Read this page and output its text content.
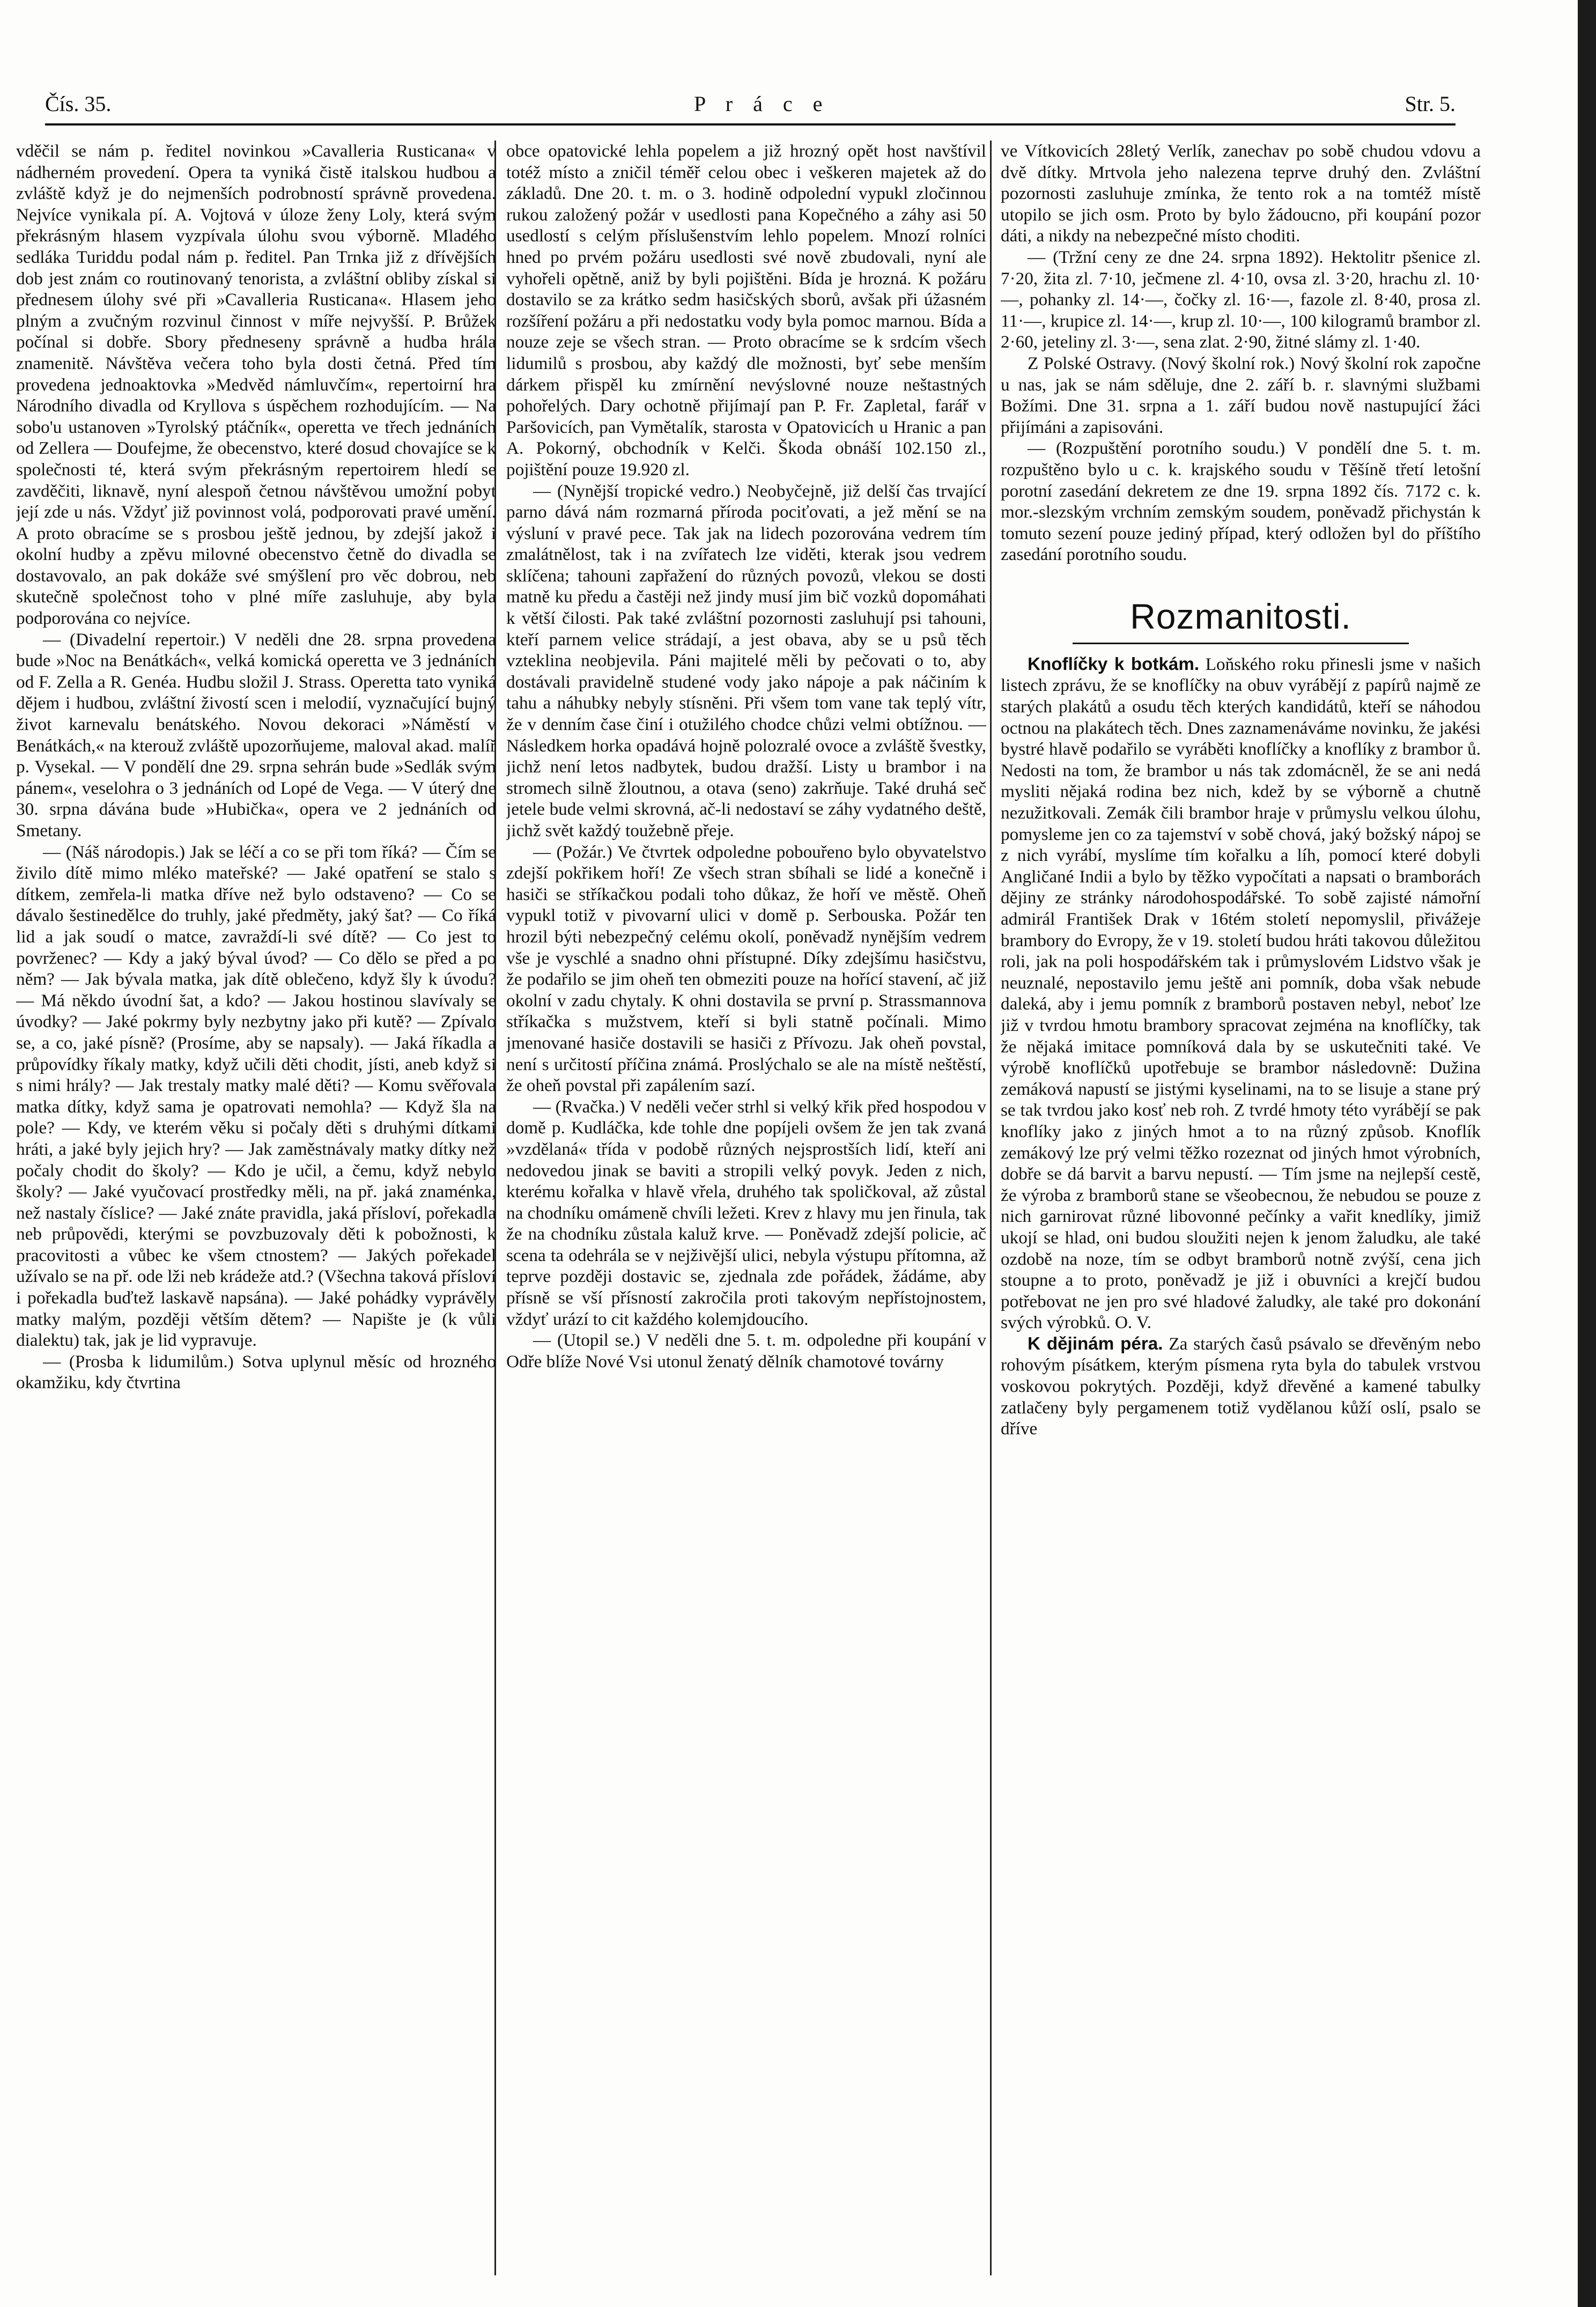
Čís. 35.	P r á c e	Str. 5.

vděčil se nám p. ředitel novinkou »Cavalleria Rusticana« v nádherném provedení. Opera ta vyniká čistě italskou hudbou a zvláště když je do nejmenších podrobností správně provedena. Nejvíce vynikala pí. A. Vojtová v úloze ženy Loly, která svým překrásným hlasem vyzpívala úlohu svou výborně. Mladého sedláka Turiddu podal nám p. ředitel. Pan Trnka již z dřívějších dob jest znám co routinovaný tenorista, a zvláštní obliby získal si přednesem úlohy své při »Cavalleria Rusticana«. Hlasem jeho plným a zvučným rozvinul činnost v míře nejvyšší. P. Brůžek počínal si dobře. Sbory předneseny správně a hudba hrála znamenitě. Návštěva večera toho byla dosti četná. Před tím provedena jednoaktovka »Medvěd námluvčím«, repertoirní hra Národního divadla od Kryllova s úspěchem rozhodujícím. — Na sobo'u ustanoven »Tyrolský ptáčník«, operetta ve třech jednáních od Zellera — Doufejme, že obecenstvo, které dosud chovajíce se k společnosti té, která svým překrásným repertoirem hledí se zavděčiti, liknavě, nyní alespoň četnou návštěvou umožní pobyt její zde u nás. Vždyť již povinnost volá, podporovati pravé umění. A proto obracíme se s prosbou ještě jednou, by zdejší jakož i okolní hudby a zpěvu milovné obecenstvo četně do divadla se dostavovalo, an pak dokáže své smýšlení pro věc dobrou, neb skutečně společnost toho v plné míře zasluhuje, aby byla podporována co nejvíce.

— (Divadelní repertoir.) V neděli dne 28. srpna provedena bude »Noc na Benátkách«, velká komická operetta ve 3 jednáních od F. Zella a R. Genéa. Hudbu složil J. Strass. Operetta tato vyniká dějem i hudbou, zvláštní živostí scen i melodií, vyznačující bujný život karnevalu benátského. Novou dekoraci »Náměstí v Benátkách,« na kterouž zvláště upozorňujeme, maloval akad. malíř p. Vysekal. — V pondělí dne 29. srpna sehrán bude »Sedlák svým pánem«, veselohra o 3 jednáních od Lopé de Vega. — V úterý dne 30. srpna dávána bude »Hubička«, opera ve 2 jednáních od Smetany.

— (Náš národopis.) Jak se léčí a co se při tom říká? — Čím se živilo dítě mimo mléko mateřské? — Jaké opatření se stalo s dítkem, zemřela-li matka dříve než bylo odstaveno? — Co se dávalo šestinedělce do truhly, jaké předměty, jaký šat? — Co říká lid a jak soudí o matce, zavraždí-li své dítě? — Co jest to povrženec? — Kdy a jaký býval úvod? — Co dělo se před a po něm? — Jak bývala matka, jak dítě oblečeno, když šly k úvodu? — Má někdo úvodní šat, a kdo? — Jakou hostinou slavívaly se úvodky? — Jaké pokrmy byly nezbytny jako při kutě? — Zpívalo se, a co, jaké písně? (Prosíme, aby se napsaly). — Jaká říkadla a průpovídky říkaly matky, když učili děti chodit, jísti, aneb když si s nimi hrály? — Jak trestaly matky malé děti? — Komu svěřovala matka dítky, když sama je opatrovati nemohla? — Když šla na pole? — Kdy, ve kterém věku si počaly děti s druhými dítkami hráti, a jaké byly jejich hry? — Jak zaměstnávaly matky dítky než počaly chodit do školy? — Kdo je učil, a čemu, když nebylo školy? — Jaké vyučovací prostředky měli, na př. jaká znaménka, než nastaly číslice? — Jaké znáte pravidla, jaká přísloví, pořekadla neb průpovědi, kterými se povzbuzovaly děti k pobožnosti, k pracovitosti a vůbec ke všem ctnostem? — Jakých pořekadel užívalo se na př. ode lži neb krádeže atd.? (Všechna taková přísloví i pořekadla buďtež laskavě napsána). — Jaké pohádky vyprávěly matky malým, později větším dětem? — Napište je (k vůli dialektu) tak, jak je lid vypravuje.

— (Prosba k lidumilům.) Sotva uplynul měsíc od hrozného okamžiku, kdy čtvrtina

obce opatovické lehla popelem a již hrozný opět host navštívil totéž místo a zničil téměř celou obec i veškeren majetek až do základů. Dne 20. t. m. o 3. hodině odpolední vypukl zločinnou rukou založený požár v usedlosti pana Kopečného a záhy asi 50 usedlostí s celým příslušenstvím lehlo popelem. Mnozí rolníci hned po prvém požáru usedlosti své nově zbudovali, nyní ale vyhořeli opětně, aniž by byli pojištěni. Bída je hrozná. K požáru dostavilo se za krátko sedm hasičských sborů, avšak při úžasném rozšíření požáru a při nedostatku vody byla pomoc marnou. Bída a nouze zeje se všech stran. — Proto obracíme se k srdcím všech lidumilů s prosbou, aby každý dle možnosti, byť sebe menším dárkem přispěl ku zmírnění nevýslovné nouze neštastných pohořelých. Dary ochotně přijímají pan P. Fr. Zapletal, farář v Paršovicích, pan Vymětalík, starosta v Opatovicích u Hranic a pan A. Pokorný, obchodník v Kelči. Škoda obnáší 102.150 zl., pojištění pouze 19.920 zl.

— (Nynější tropické vedro.) Neobyčejně, již delší čas trvající parno dává nám rozmarná příroda pociťovati, a jež mění se na výsluní v pravé pece. Tak jak na lidech pozorována vedrem tím zmalátnělost, tak i na zvířatech lze viděti, kterak jsou vedrem sklíčena; tahouni zapřažení do různých povozů, vlekou se dosti matně ku předu a častěji než jindy musí jim bič vozků dopomáhati k větší čilosti. Pak také zvláštní pozornosti zasluhují psi tahouni, kteří parnem velice strádají, a jest obava, aby se u psů těch vzteklina neobjevila. Páni majitelé měli by pečovati o to, aby dostávali pravidelně studené vody jako nápoje a pak náčiním k tahu a náhubky nebyly stísněni. Při všem tom vane tak teplý vítr, že v denním čase činí i otužilého chodce chůzi velmi obtížnou. — Následkem horka opadává hojně polozralé ovoce a zvláště švestky, jichž není letos nadbytek, budou dražší. Listy u brambor i na stromech silně žloutnou, a otava (seno) zakrňuje. Také druhá seč jetele bude velmi skrovná, ač-li nedostaví se záhy vydatného deště, jichž svět každý toužebně přeje.

— (Požár.) Ve čtvrtek odpoledne pobouřeno bylo obyvatelstvo zdejší pokřikem hoří! Ze všech stran sbíhali se lidé a konečně i hasiči se stříkačkou podali toho důkaz, že hoří ve městě. Oheň vypukl totiž v pivovarní ulici v domě p. Serbouska. Požár ten hrozil býti nebezpečný celému okolí, poněvadž nynějším vedrem vše je vyschlé a snadno ohni přístupné. Díky zdejšímu hasičstvu, že podařilo se jim oheň ten obmeziti pouze na hořící stavení, ač již okolní v zadu chytaly. K ohni dostavila se první p. Strassmannova stříkačka s mužstvem, kteří si byli statně počínali. Mimo jmenované hasiče dostavili se hasiči z Přívozu. Jak oheň povstal, není s určitostí příčina známá. Proslýchalo se ale na místě neštěstí, že oheň povstal při zapálením sazí.

— (Rvačka.) V neděli večer strhl si velký křik před hospodou v domě p. Kudláčka, kde tohle dne popíjeli ovšem že jen tak zvaná »vzdělaná« třída v podobě různých nejsprostších lidí, kteří ani nedovedou jinak se baviti a stropili velký povyk. Jeden z nich, kterému kořalka v hlavě vřela, druhého tak spoličkoval, až zůstal na chodníku omámeně chvíli ležeti. Krev z hlavy mu jen řinula, tak že na chodníku zůstala kaluž krve. — Poněvadž zdejší policie, ač scena ta odehrála se v nejživější ulici, nebyla výstupu přítomna, až teprve později dostavic se, zjednala zde pořádek, žádáme, aby přísně se vší přísností zakročila proti takovým nepřístojnostem, vždyť urází to cit každého kolemjdoucího.

— (Utopil se.) V neděli dne 5. t. m. odpoledne při koupání v Odře blíže Nové Vsi utonul ženatý dělník chamotové továrny

ve Vítkovicích 28letý Verlík, zanechav po sobě chudou vdovu a dvě dítky. Mrtvola jeho nalezena teprve druhý den. Zvláštní pozornosti zasluhuje zmínka, že tento rok a na tomtéž místě utopilo se jich osm. Proto by bylo žádoucno, při koupání pozor dáti, a nikdy na nebezpečné místo choditi.

— (Tržní ceny ze dne 24. srpna 1892). Hektolitr pšenice zl. 7·20, žita zl. 7·10, ječmene zl. 4·10, ovsa zl. 3·20, hrachu zl. 10·—, pohanky zl. 14·—, čočky zl. 16·—, fazole zl. 8·40, prosa zl. 11·—, krupice zl. 14·—, krup zl. 10·—, 100 kilogramů brambor zl. 2·60, jeteliny zl. 3·—, sena zlat. 2·90, žitné slámy zl. 1·40.

Z Polské Ostravy. (Nový školní rok.) Nový školní rok započne u nas, jak se nám sděluje, dne 2. září b. r. slavnými službami Božími. Dne 31. srpna a 1. září budou nově nastupující žáci přijímáni a zapisováni.

— (Rozpuštění porotního soudu.) V pondělí dne 5. t. m. rozpuštěno bylo u c. k. krajského soudu v Těšíně třetí letošní porotní zasedání dekretem ze dne 19. srpna 1892 čís. 7172 c. k. mor.-slezským vrchním zemským soudem, poněvadž přichystán k tomuto sezení pouze jediný případ, který odložen byl do příštího zasedání porotního soudu.

Rozmanitosti.

Knoflíčky k botkám. Loňského roku přinesli jsme v našich listech zprávu, že se knoflíčky na obuv vyrábějí z papírů najmě ze starých plakátů a osudu těch kterých kandidátů, kteří se náhodou octnou na plakátech těch. Dnes zaznamenáváme novinku, že jakési bystré hlavě podařilo se vyráběti knoflíčky a knoflíky z brambor ů. Nedosti na tom, že brambor u nás tak zdomácněl, že se ani nedá mysliti nějaká rodina bez nich, kdež by se výborně a chutně nezužitkovali. Zemák čili brambor hraje v průmyslu velkou úlohu, pomysleme jen co za tajemství v sobě chová, jaký božský nápoj se z nich vyrábí, myslíme tím kořalku a líh, pomocí které dobyli Angličané Indii a bylo by těžko vypočítati a napsati o bramborách dějiny ze stránky národohospodářské. To sobě zajisté námořní admirál František Drak v 16tém století nepomyslil, přivážeje brambory do Evropy, že v 19. století budou hráti takovou důležitou roli, jak na poli hospodářském tak i průmyslovém Lidstvo však je neuznalé, nepostavilo jemu ještě ani pomník, doba však nebude daleká, aby i jemu pomník z bramborů postaven nebyl, neboť lze již v tvrdou hmotu brambory spracovat zejména na knoflíčky, tak že nějaká imitace pomníková dala by se uskutečniti také. Ve výrobě knoflíčků upotřebuje se brambor následovně: Dužina zemáková napustí se jistými kyselinami, na to se lisuje a stane prý se tak tvrdou jako kosť neb roh. Z tvrdé hmoty této vyrábějí se pak knoflíky jako z jiných hmot a to na různý způsob. Knoflík zemákový lze prý velmi těžko rozeznat od jiných hmot výrobních, dobře se dá barvit a barvu nepustí. — Tím jsme na nejlepší cestě, že výroba z bramborů stane se všeobecnou, že nebudou se pouze z nich garnirovat různé libovonné pečínky a vařit knedlíky, jimiž ukojí se hlad, oni budou sloužiti nejen k jenom žaludku, ale také ozdobě na noze, tím se odbyt bramborů notně zvýší, cena jich stoupne a to proto, poněvadž je již i obuvníci a krejčí budou potřebovat ne jen pro své hladové žaludky, ale také pro dokonání svých výrobků. O. V.

K dějinám péra. Za starých časů psávalo se dřevěným nebo rohovým písátkem, kterým písmena ryta byla do tabulek vrstvou voskovou pokrytých. Později, když dřevěné a kamené tabulky zatlačeny byly pergamenem totiž vydělanou kůží oslí, psalo se dříve
